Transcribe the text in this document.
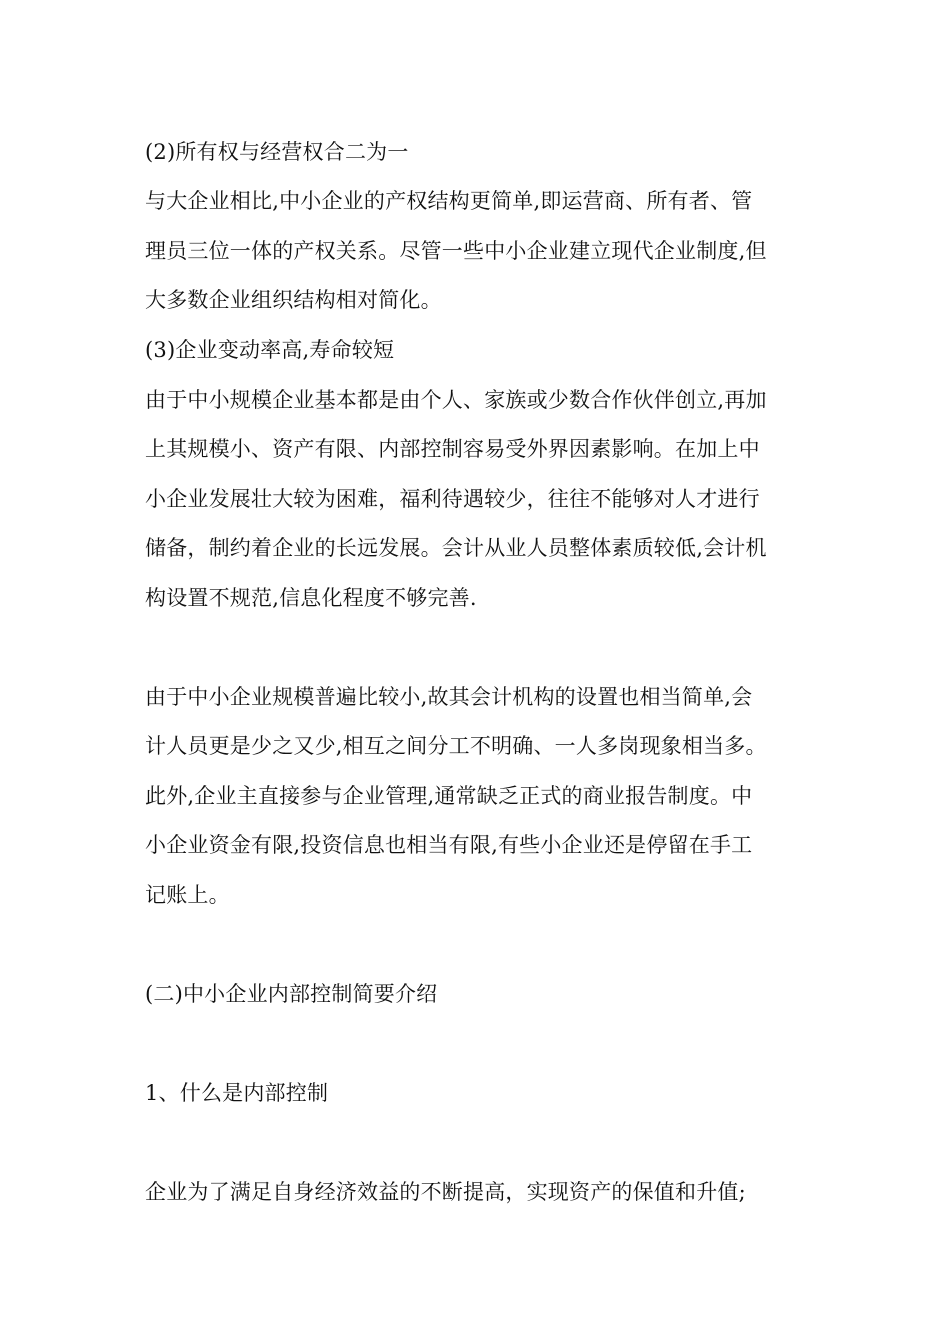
(2)所有权与经营权合二为一
与大企业相比,中小企业的产权结构更简单,即运营商、所有者、管
理员三位一体的产权关系。尽管一些中小企业建立现代企业制度,但
大多数企业组织结构相对简化。
(3)企业变动率高,寿命较短
由于中小规模企业基本都是由个人、家族或少数合作伙伴创立,再加
上其规模小、资产有限、内部控制容易受外界因素影响。在加上中
小企业发展壮大较为困难，福利待遇较少，往往不能够对人才进行
储备，制约着企业的长远发展。会计从业人员整体素质较低,会计机
构设置不规范,信息化程度不够完善.
由于中小企业规模普遍比较小,故其会计机构的设置也相当简单,会
计人员更是少之又少,相互之间分工不明确、一人多岗现象相当多。
此外,企业主直接参与企业管理,通常缺乏正式的商业报告制度。中
小企业资金有限,投资信息也相当有限,有些小企业还是停留在手工
记账上。
(二)中小企业内部控制简要介绍
1、什么是内部控制
企业为了满足自身经济效益的不断提高，实现资产的保值和升值;
